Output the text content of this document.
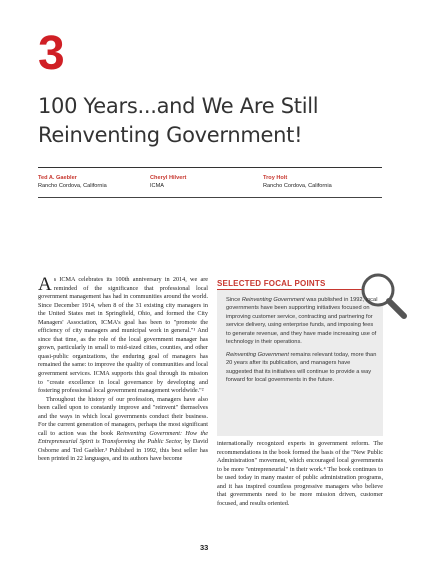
3
100 Years...and We Are Still
Reinventing Government!
Ted A. Gaebler
Rancho Cordova, California
Cheryl Hilvert
ICMA
Troy Holt
Rancho Cordova, California

As ICMA celebrates its 100th anniversary in 2014, we are reminded of the significance that professional local government management has had in communities around the world. Since December 1914, when 8 of the 31 existing city managers in the United States met in Springfield, Ohio, and formed the City Managers' Association, ICMA's goal has been to "promote the efficiency of city managers and municipal work in general."¹ And since that time, as the role of the local government manager has grown, particularly in small to mid-sized cities, counties, and other quasi-public organizations, the enduring goal of managers has remained the same: to improve the quality of communities and local government services. ICMA supports this goal through its mission to "create excellence in local governance by developing and fostering professional local government management worldwide."²

Throughout the history of our profession, managers have also been called upon to constantly improve and "reinvent" themselves and the ways in which local governments conduct their business. For the current generation of managers, perhaps the most significant call to action was the book Reinventing Government: How the Entrepreneurial Spirit is Transforming the Public Sector, by David Osborne and Ted Gaebler.³ Published in 1992, this best seller has been printed in 22 languages, and its authors have become

SELECTED FOCAL POINTS

Since Reinventing Government was published in 1992, local governments have been supporting initiatives focused on improving customer service, contracting and partnering for service delivery, using enterprise funds, and imposing fees to generate revenue, and they have made increasing use of technology in their operations.

Reinventing Government remains relevant today, more than 20 years after its publication, and managers have suggested that its initiatives will continue to provide a way forward for local governments in the future.

internationally recognized experts in government reform. The recommendations in the book formed the basis of the "New Public Administration" movement, which encouraged local governments to be more "entrepreneurial" in their work.⁴ The book continues to be used today in many master of public administration programs, and it has inspired countless progressive managers who believe that governments need to be more mission driven, customer focused, and results oriented.

33
